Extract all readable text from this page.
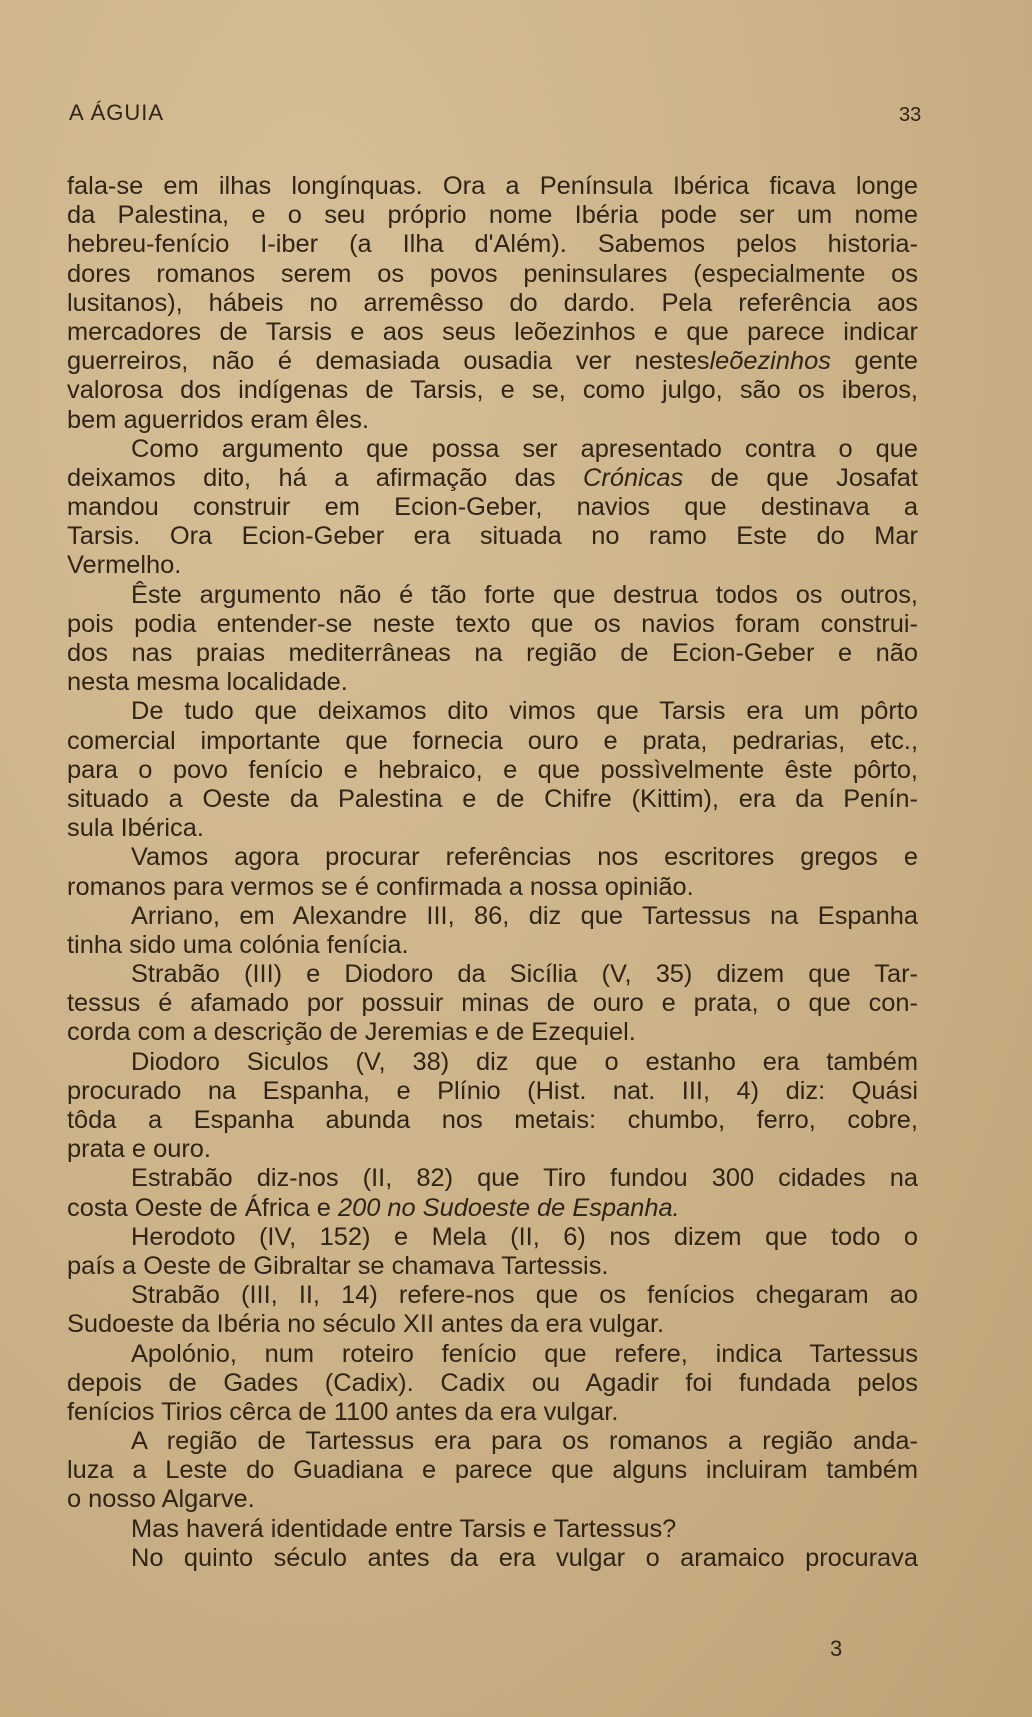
A ÁGUIA	33
fala-se em ilhas longínquas. Ora a Península Ibérica ficava longe
da Palestina, e o seu próprio nome Ibéria pode ser um nome
hebreu-fenício I-iber (a Ilha d'Além). Sabemos pelos historia-
dores romanos serem os povos peninsulares (especialmente os
lusitanos), hábeis no arremêsso do dardo. Pela referência aos
mercadores de Tarsis e aos seus leõezinhos e que parece indicar
guerreiros, não é demasiada ousadia ver nestesleõezinhos gente
valorosa dos indígenas de Tarsis, e se, como julgo, são os iberos,
bem aguerridos eram êles.
Como argumento que possa ser apresentado contra o que
deixamos dito, há a afirmação das Crónicas de que Josafat
mandou construir em Ecion-Geber, navios que destinava a
Tarsis. Ora Ecion-Geber era situada no ramo Este do Mar
Vermelho.
Êste argumento não é tão forte que destrua todos os outros,
pois podia entender-se neste texto que os navios foram construi-
dos nas praias mediterrâneas na região de Ecion-Geber e não
nesta mesma localidade.
De tudo que deixamos dito vimos que Tarsis era um pôrto
comercial importante que fornecia ouro e prata, pedrarias, etc.,
para o povo fenício e hebraico, e que possìvelmente êste pôrto,
situado a Oeste da Palestina e de Chifre (Kittim), era da Penín-
sula Ibérica.
Vamos agora procurar referências nos escritores gregos e
romanos para vermos se é confirmada a nossa opinião.
Arriano, em Alexandre III, 86, diz que Tartessus na Espanha
tinha sido uma colónia fenícia.
Strabão (III) e Diodoro da Sicília (V, 35) dizem que Tar-
tessus é afamado por possuir minas de ouro e prata, o que con-
corda com a descrição de Jeremias e de Ezequiel.
Diodoro Siculos (V, 38) diz que o estanho era também
procurado na Espanha, e Plínio (Hist. nat. III, 4) diz: Quási
tôda a Espanha abunda nos metais: chumbo, ferro, cobre,
prata e ouro.
Estrabão diz-nos (II, 82) que Tiro fundou 300 cidades na
costa Oeste de África e 200 no Sudoeste de Espanha.
Herodoto (IV, 152) e Mela (II, 6) nos dizem que todo o
país a Oeste de Gibraltar se chamava Tartessis.
Strabão (III, II, 14) refere-nos que os fenícios chegaram ao
Sudoeste da Ibéria no século XII antes da era vulgar.
Apolónio, num roteiro fenício que refere, indica Tartessus
depois de Gades (Cadix). Cadix ou Agadir foi fundada pelos
fenícios Tirios cêrca de 1100 antes da era vulgar.
A região de Tartessus era para os romanos a região anda-
luza a Leste do Guadiana e parece que alguns incluiram também
o nosso Algarve.
Mas haverá identidade entre Tarsis e Tartessus?
No quinto século antes da era vulgar o aramaico procurava
3
